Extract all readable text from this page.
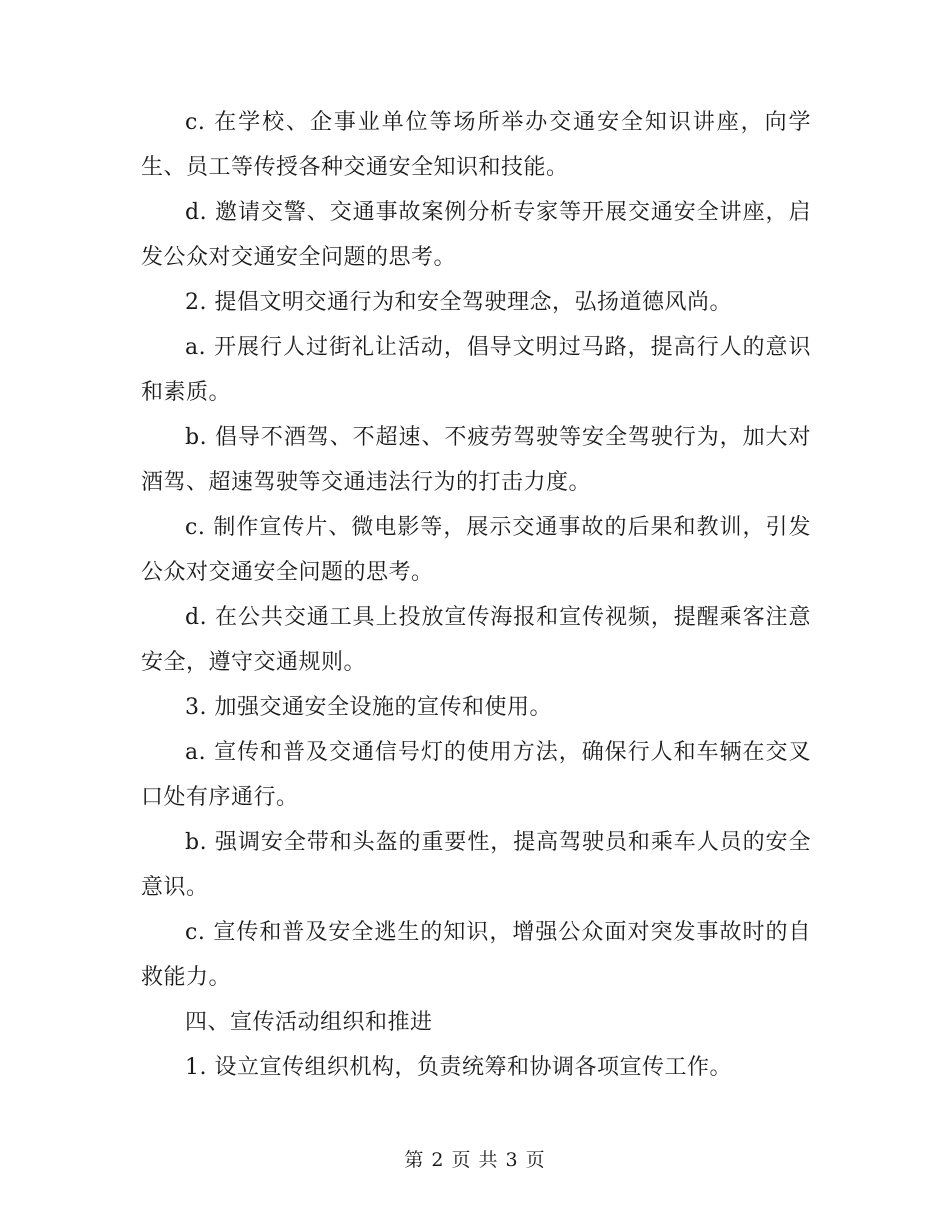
c. 在学校、企事业单位等场所举办交通安全知识讲座，向学生、员工等传授各种交通安全知识和技能。

d. 邀请交警、交通事故案例分析专家等开展交通安全讲座，启发公众对交通安全问题的思考。

2. 提倡文明交通行为和安全驾驶理念，弘扬道德风尚。

a. 开展行人过街礼让活动，倡导文明过马路，提高行人的意识和素质。

b. 倡导不酒驾、不超速、不疲劳驾驶等安全驾驶行为，加大对酒驾、超速驾驶等交通违法行为的打击力度。

c. 制作宣传片、微电影等，展示交通事故的后果和教训，引发公众对交通安全问题的思考。

d. 在公共交通工具上投放宣传海报和宣传视频，提醒乘客注意安全，遵守交通规则。

3. 加强交通安全设施的宣传和使用。

a. 宣传和普及交通信号灯的使用方法，确保行人和车辆在交叉口处有序通行。

b. 强调安全带和头盔的重要性，提高驾驶员和乘车人员的安全意识。

c. 宣传和普及安全逃生的知识，增强公众面对突发事故时的自救能力。

四、宣传活动组织和推进

1. 设立宣传组织机构，负责统筹和协调各项宣传工作。

第 2 页 共 3 页
